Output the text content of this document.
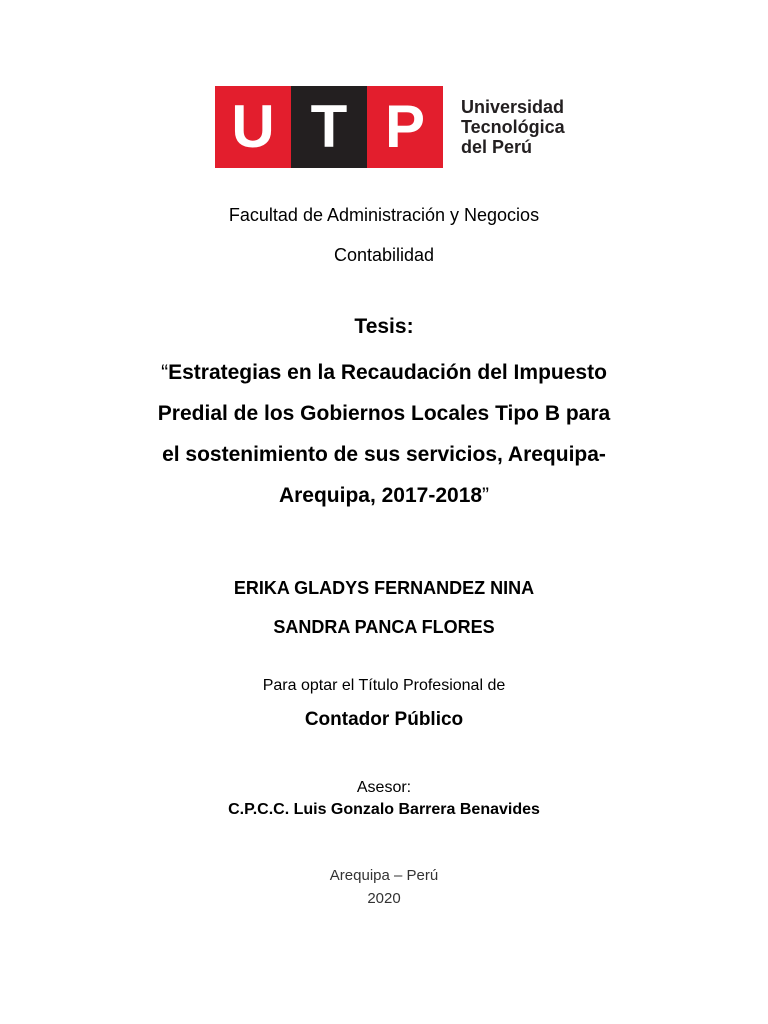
U T P	Universidad
Tecnológica
del Perú
Facultad de Administración y Negocios
Contabilidad
Tesis:
“Estrategias en la Recaudación del Impuesto
Predial de los Gobiernos Locales Tipo B para
el sostenimiento de sus servicios, Arequipa-
Arequipa, 2017-2018”
ERIKA GLADYS FERNANDEZ NINA
SANDRA PANCA FLORES
Para optar el Título Profesional de
Contador Público
Asesor:
C.P.C.C. Luis Gonzalo Barrera Benavides
Arequipa – Perú
2020
